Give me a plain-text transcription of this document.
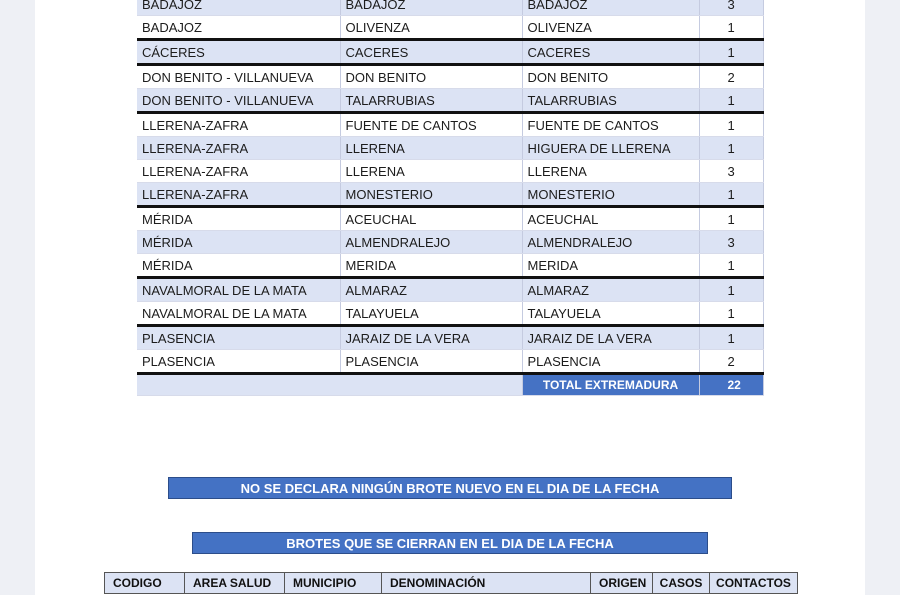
BADAJOZ	BADAJOZ	BADAJOZ	3
BADAJOZ	OLIVENZA	OLIVENZA	1
CÁCERES	CACERES	CACERES	1
DON BENITO - VILLANUEVA	DON BENITO	DON BENITO	2
DON BENITO - VILLANUEVA	TALARRUBIAS	TALARRUBIAS	1
LLERENA-ZAFRA	FUENTE DE CANTOS	FUENTE DE CANTOS	1
LLERENA-ZAFRA	LLERENA	HIGUERA DE LLERENA	1
LLERENA-ZAFRA	LLERENA	LLERENA	3
LLERENA-ZAFRA	MONESTERIO	MONESTERIO	1
MÉRIDA	ACEUCHAL	ACEUCHAL	1
MÉRIDA	ALMENDRALEJO	ALMENDRALEJO	3
MÉRIDA	MERIDA	MERIDA	1
NAVALMORAL DE LA MATA	ALMARAZ	ALMARAZ	1
NAVALMORAL DE LA MATA	TALAYUELA	TALAYUELA	1
PLASENCIA	JARAIZ DE LA VERA	JARAIZ DE LA VERA	1
PLASENCIA	PLASENCIA	PLASENCIA	2
		TOTAL EXTREMADURA	22
NO SE DECLARA NINGÚN BROTE NUEVO EN EL DIA DE LA FECHA
BROTES QUE SE CIERRAN EN EL DIA DE LA FECHA
CODIGO	AREA SALUD	MUNICIPIO	DENOMINACIÓN	ORIGEN	CASOS	CONTACTOS
